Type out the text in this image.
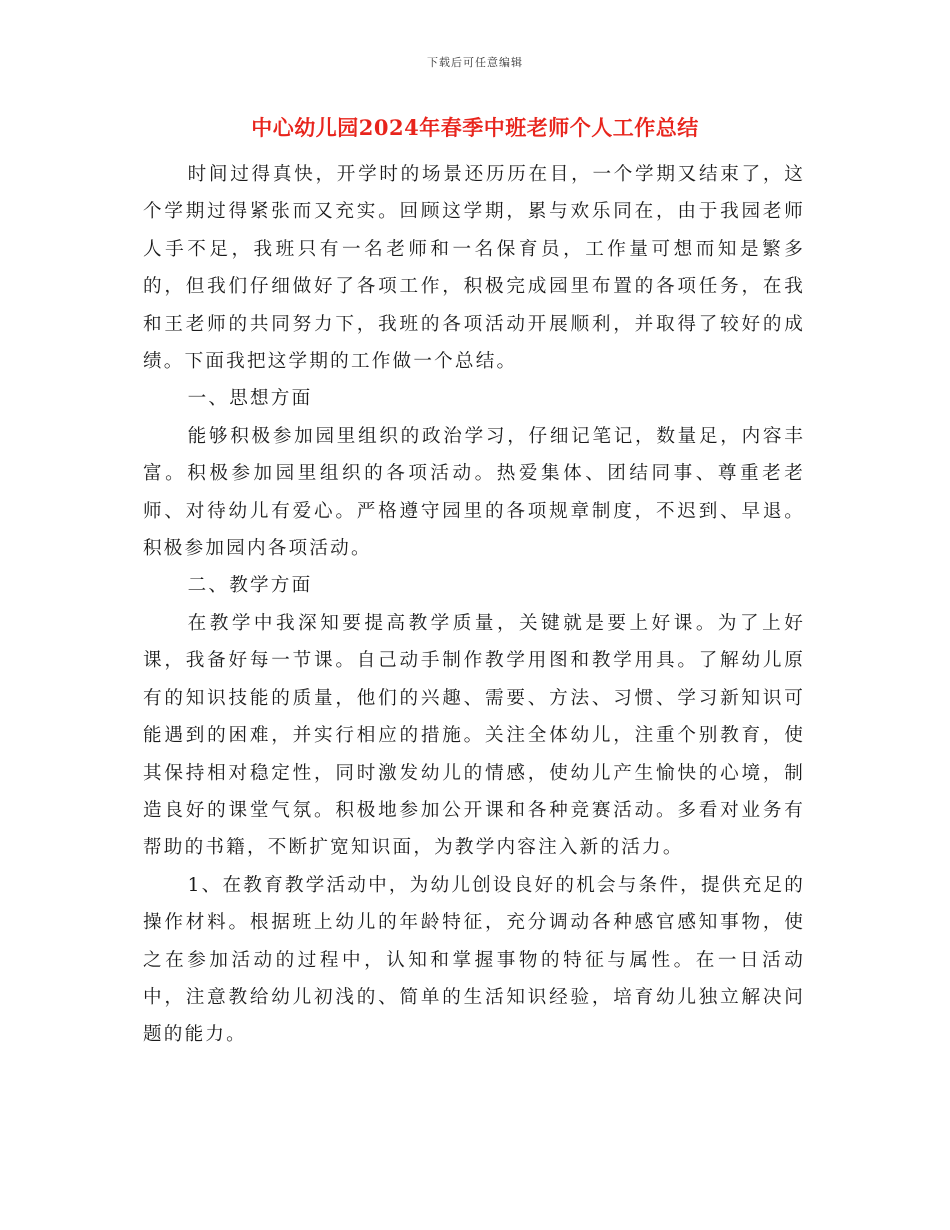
下载后可任意编辑
中心幼儿园2024年春季中班老师个人工作总结

时间过得真快，开学时的场景还历历在目，一个学期又结束了，这个学期过得紧张而又充实。回顾这学期，累与欢乐同在，由于我园老师人手不足，我班只有一名老师和一名保育员，工作量可想而知是繁多的，但我们仔细做好了各项工作，积极完成园里布置的各项任务，在我和王老师的共同努力下，我班的各项活动开展顺利，并取得了较好的成绩。下面我把这学期的工作做一个总结。

一、思想方面

能够积极参加园里组织的政治学习，仔细记笔记，数量足，内容丰富。积极参加园里组织的各项活动。热爱集体、团结同事、尊重老老师、对待幼儿有爱心。严格遵守园里的各项规章制度，不迟到、早退。积极参加园内各项活动。

二、教学方面

在教学中我深知要提高教学质量，关键就是要上好课。为了上好课，我备好每一节课。自己动手制作教学用图和教学用具。了解幼儿原有的知识技能的质量，他们的兴趣、需要、方法、习惯、学习新知识可能遇到的困难，并实行相应的措施。关注全体幼儿，注重个别教育，使其保持相对稳定性，同时激发幼儿的情感，使幼儿产生愉快的心境，制造良好的课堂气氛。积极地参加公开课和各种竞赛活动。多看对业务有帮助的书籍，不断扩宽知识面，为教学内容注入新的活力。

1、在教育教学活动中，为幼儿创设良好的机会与条件，提供充足的操作材料。根据班上幼儿的年龄特征，充分调动各种感官感知事物，使之在参加活动的过程中，认知和掌握事物的特征与属性。在一日活动中，注意教给幼儿初浅的、简单的生活知识经验，培育幼儿独立解决问题的能力。
